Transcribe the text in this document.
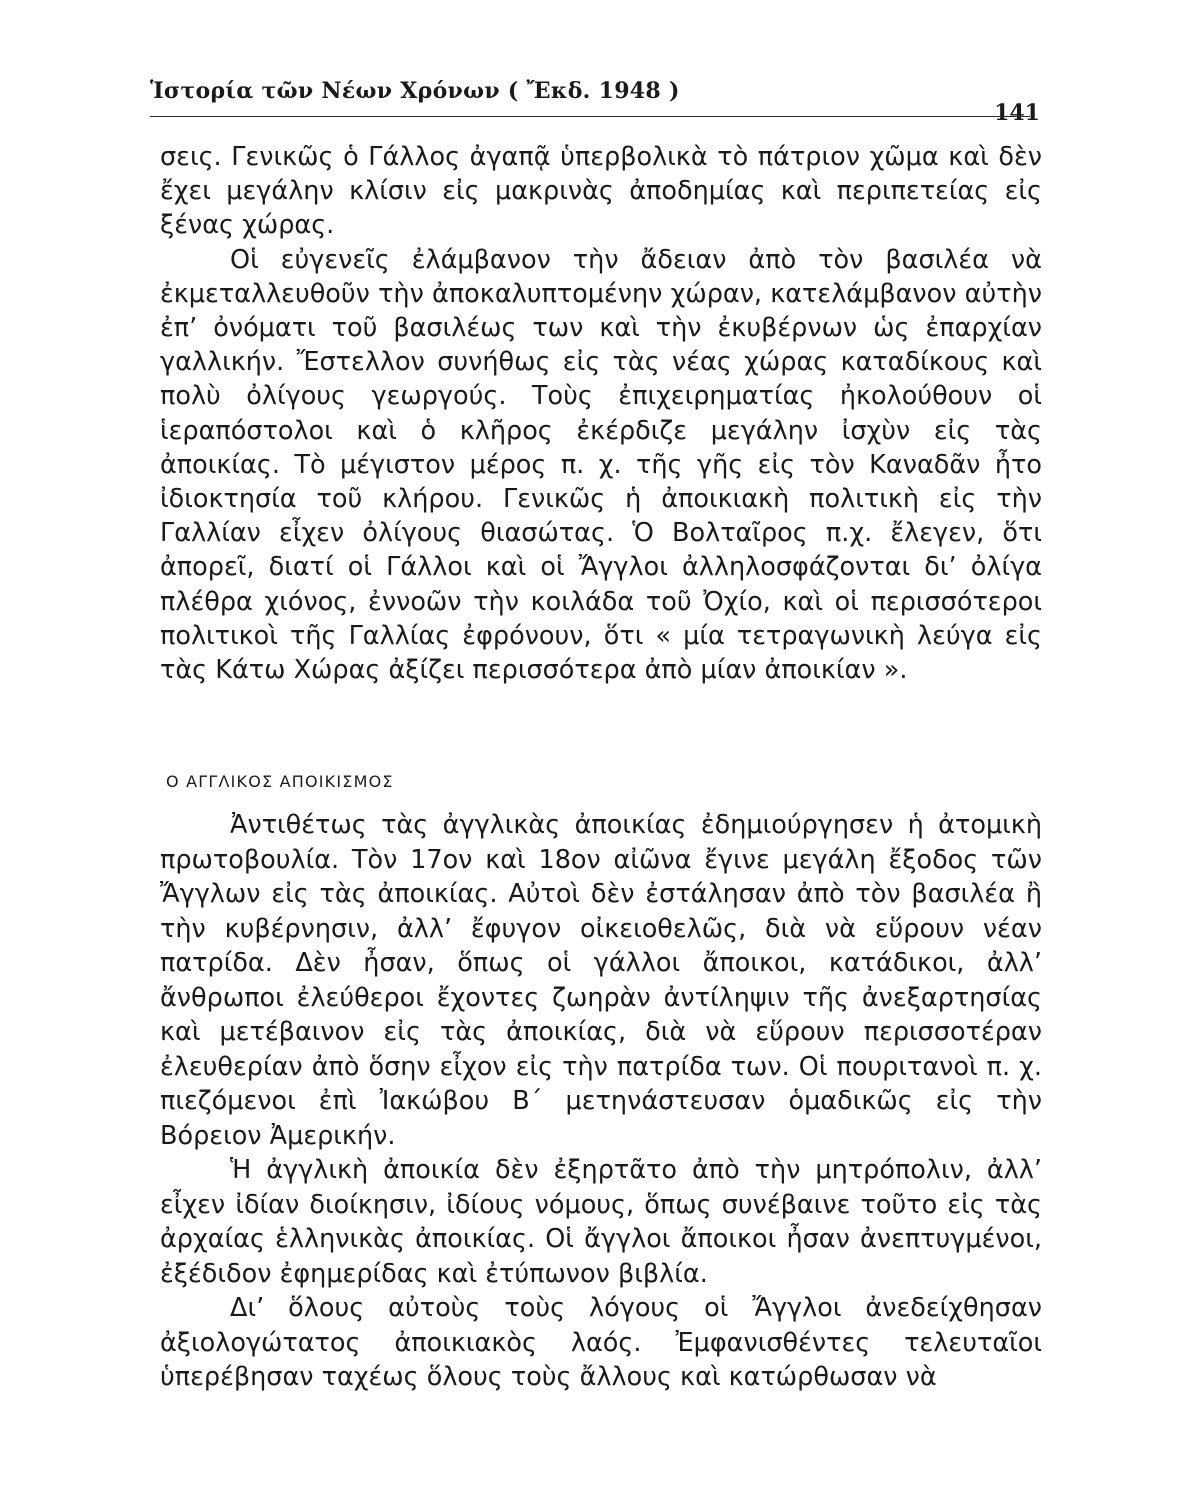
Ἱστορία τῶν Νέων Χρόνων ( Ἔκδ. 1948 )
141

σεις. Γενικῶς ὁ Γάλλος ἀγαπᾷ ὑπερβολικὰ τὸ πάτριον χῶμα καὶ δὲν ἔχει μεγάλην κλίσιν εἰς μακρινὰς ἀποδημίας καὶ περιπετείας εἰς ξένας χώρας.

Οἱ εὐγενεῖς ἐλάμβανον τὴν ἄδειαν ἀπὸ τὸν βασιλέα νὰ ἐκμεταλλευθοῦν τὴν ἀποκαλυπτομένην χώραν, κατελάμβανον αὐτὴν ἐπ’ ὀνόματι τοῦ βασιλέως των καὶ τὴν ἐκυβέρνων ὡς ἐπαρχίαν γαλλικήν. Ἔστελλον συνήθως εἰς τὰς νέας χώρας καταδίκους καὶ πολὺ ὀλίγους γεωργούς. Τοὺς ἐπιχειρηματίας ἠκολούθουν οἱ ἱεραπόστολοι καὶ ὁ κλῆρος ἐκέρδιζε μεγάλην ἰσχὺν εἰς τὰς ἀποικίας. Τὸ μέγιστον μέρος π. χ. τῆς γῆς εἰς τὸν Καναδᾶν ἦτο ἰδιοκτησία τοῦ κλήρου. Γενικῶς ἡ ἀποικιακὴ πολιτικὴ εἰς τὴν Γαλλίαν εἶχεν ὀλίγους θιασώτας. Ὁ Βολταῖρος π.χ. ἔλεγεν, ὅτι ἀπορεῖ, διατί οἱ Γάλλοι καὶ οἱ Ἄγγλοι ἀλληλοσφάζονται δι’ ὀλίγα πλέθρα χιόνος, ἐννοῶν τὴν κοιλάδα τοῦ Ὀχίο, καὶ οἱ περισσότεροι πολιτικοὶ τῆς Γαλλίας ἐφρόνουν, ὅτι « μία τετραγωνικὴ λεύγα εἰς τὰς Κάτω Χώρας ἀξίζει περισσότερα ἀπὸ μίαν ἀποικίαν ».

Ο ΑΓΓΛΙΚΟΣ ΑΠΟΙΚΙΣΜΟΣ

Ἀντιθέτως τὰς ἀγγλικὰς ἀποικίας ἐδημιούργησεν ἡ ἀτομικὴ πρωτοβουλία. Τὸν 17ον καὶ 18ον αἰῶνα ἔγινε μεγάλη ἔξοδος τῶν Ἄγγλων εἰς τὰς ἀποικίας. Αὐτοὶ δὲν ἐστάλησαν ἀπὸ τὸν βασιλέα ἢ τὴν κυβέρνησιν, ἀλλ’ ἔφυγον οἰκειοθελῶς, διὰ νὰ εὕρουν νέαν πατρίδα. Δὲν ἦσαν, ὅπως οἱ γάλλοι ἄποικοι, κατάδικοι, ἀλλ’ ἄνθρωποι ἐλεύθεροι ἔχοντες ζωηρὰν ἀντίληψιν τῆς ἀνεξαρτησίας καὶ μετέβαινον εἰς τὰς ἀποικίας, διὰ νὰ εὕρουν περισσοτέραν ἐλευθερίαν ἀπὸ ὅσην εἶχον εἰς τὴν πατρίδα των. Οἱ πουριτανοὶ π. χ. πιεζόμενοι ἐπὶ Ἰακώβου Β΄ μετηνάστευσαν ὁμαδικῶς εἰς τὴν Βόρειον Ἀμερικήν.

Ἡ ἀγγλικὴ ἀποικία δὲν ἐξηρτᾶτο ἀπὸ τὴν μητρόπολιν, ἀλλ’ εἶχεν ἰδίαν διοίκησιν, ἰδίους νόμους, ὅπως συνέβαινε τοῦτο εἰς τὰς ἀρχαίας ἑλληνικὰς ἀποικίας. Οἱ ἄγγλοι ἄποικοι ἦσαν ἀνεπτυγμένοι, ἐξέδιδον ἐφημερίδας καὶ ἐτύπωνον βιβλία.

Δι’ ὅλους αὐτοὺς τοὺς λόγους οἱ Ἄγγλοι ἀνεδείχθησαν ἀξιολογώτατος ἀποικιακὸς λαός. Ἐμφανισθέντες τελευταῖοι ὑπερέβησαν ταχέως ὅλους τοὺς ἄλλους καὶ κατώρθωσαν νὰ
